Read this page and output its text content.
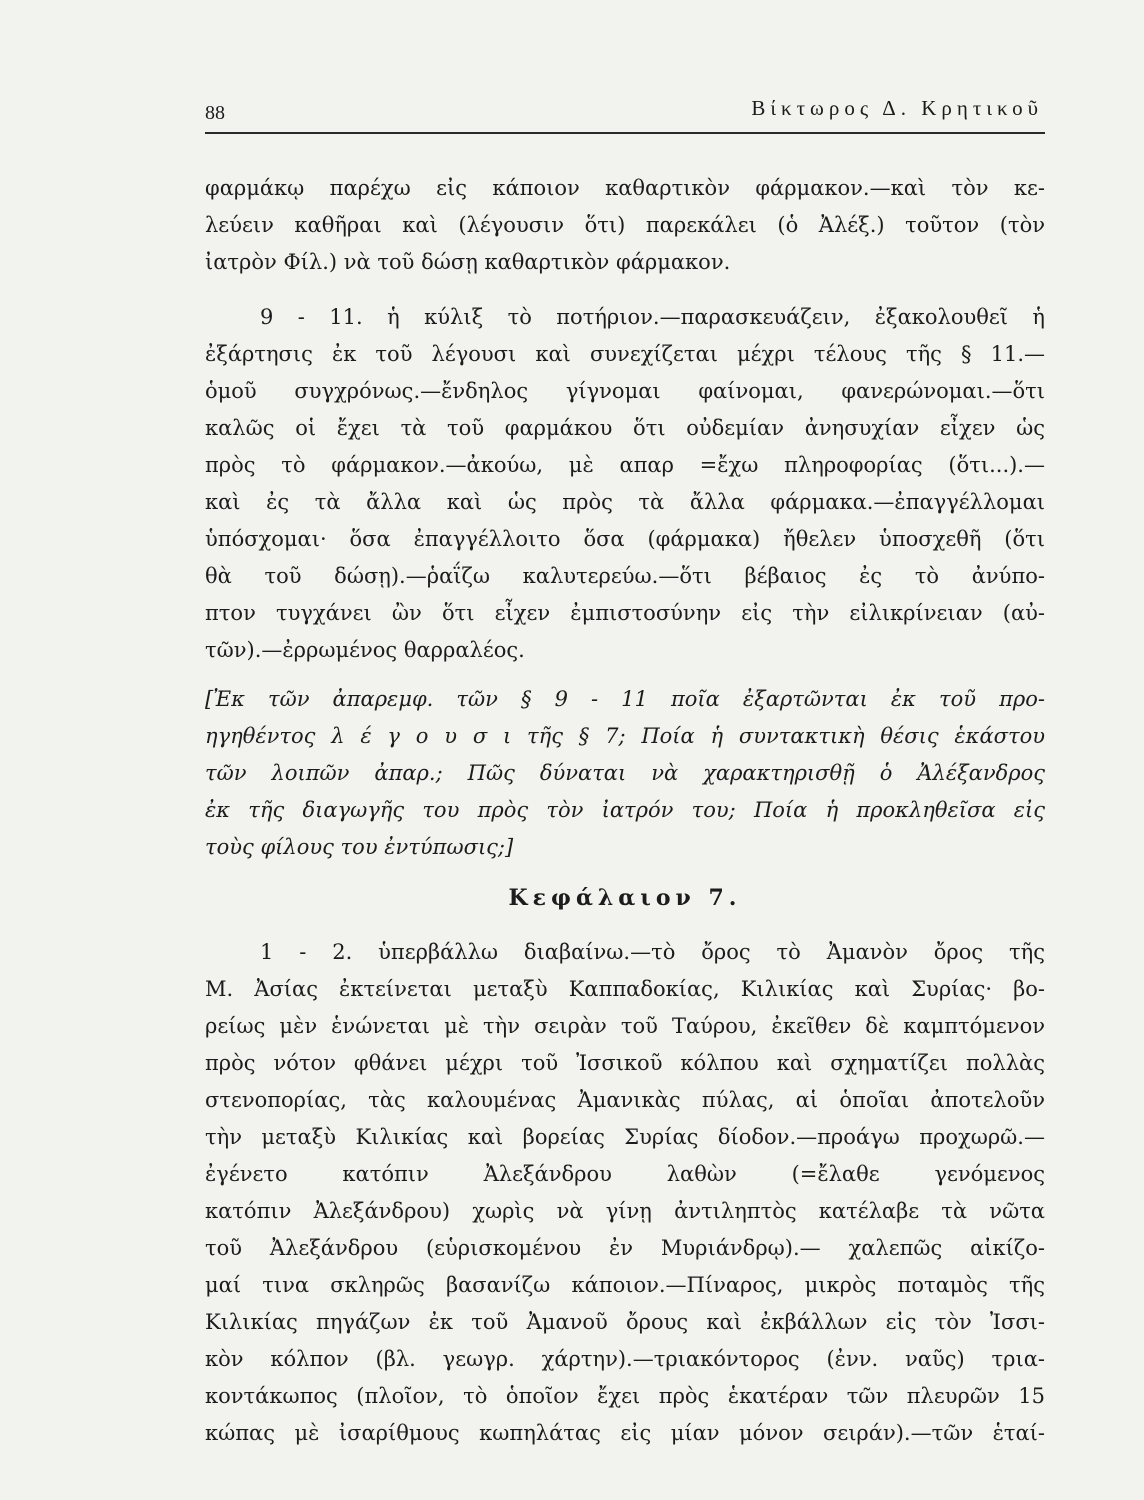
88	Βίκτωρος Δ. Κρητικοῦ
φαρμάκῳ παρέχω εἰς κάποιον καθαρτικὸν φάρμακον.—καὶ τὸν κε-
λεύειν καθῆραι καὶ (λέγουσιν ὅτι) παρεκάλει (ὁ Ἀλέξ.) τοῦτον (τὸν
ἰατρὸν Φίλ.) νὰ τοῦ δώσῃ καθαρτικὸν φάρμακον.
9 - 11. ἡ κύλιξ τὸ ποτήριον.—παρασκευάζειν, ἐξακολουθεῖ ἡ
ἐξάρτησις ἐκ τοῦ λέγουσι καὶ συνεχίζεται μέχρι τέλους τῆς § 11.—
ὁμοῦ συγχρόνως.—ἔνδηλος γίγνομαι φαίνομαι, φανερώνομαι.—ὅτι
καλῶς οἱ ἔχει τὰ τοῦ φαρμάκου ὅτι οὐδεμίαν ἀνησυχίαν εἶχεν ὡς
πρὸς τὸ φάρμακον.—ἀκούω, μὲ απαρ =ἔχω πληροφορίας (ὅτι...).—
καὶ ἐς τὰ ἄλλα καὶ ὡς πρὸς τὰ ἄλλα φάρμακα.—ἐπαγγέλλομαι
ὑπόσχομαι· ὅσα ἐπαγγέλλοιτο ὅσα (φάρμακα) ἤθελεν ὑποσχεθῆ (ὅτι
θὰ τοῦ δώσῃ).—ῥαΐζω καλυτερεύω.—ὅτι βέβαιος ἐς τὸ ἀνύπο-
πτον τυγχάνει ὢν ὅτι εἶχεν ἐμπιστοσύνην εἰς τὴν εἰλικρίνειαν (αὐ-
τῶν).—ἐρρωμένος θαρραλέος.
[Ἐκ τῶν ἀπαρεμφ. τῶν § 9 - 11 ποῖα ἐξαρτῶνται ἐκ τοῦ προ-
ηγηθέντος λ έ γ ο υ σ ι τῆς § 7; Ποία ἡ συντακτικὴ θέσις ἑκάστου
τῶν λοιπῶν ἀπαρ.; Πῶς δύναται νὰ χαρακτηρισθῇ ὁ Ἀλέξανδρος
ἐκ τῆς διαγωγῆς του πρὸς τὸν ἰατρόν του; Ποία ἡ προκληθεῖσα εἰς
τοὺς φίλους του ἐντύπωσις;]
Κεφάλαιον 7.
1 - 2. ὑπερβάλλω διαβαίνω.—τὸ ὄρος τὸ Ἀμανὸν ὄρος τῆς
Μ. Ἀσίας ἐκτείνεται μεταξὺ Καππαδοκίας, Κιλικίας καὶ Συρίας· βο-
ρείως μὲν ἑνώνεται μὲ τὴν σειρὰν τοῦ Ταύρου, ἐκεῖθεν δὲ καμπτόμενον
πρὸς νότον φθάνει μέχρι τοῦ Ἰσσικοῦ κόλπου καὶ σχηματίζει πολλὰς
στενοπορίας, τὰς καλουμένας Ἀμανικὰς πύλας, αἱ ὁποῖαι ἀποτελοῦν
τὴν μεταξὺ Κιλικίας καὶ βορείας Συρίας δίοδον.—προάγω προχωρῶ.—
ἐγένετο κατόπιν Ἀλεξάνδρου λαθὼν (=ἔλαθε γενόμενος
κατόπιν Ἀλεξάνδρου) χωρὶς νὰ γίνῃ ἀντιληπτὸς κατέλαβε τὰ νῶτα
τοῦ Ἀλεξάνδρου (εὑρισκομένου ἐν Μυριάνδρῳ).— χαλεπῶς αἰκίζο-
μαί τινα σκληρῶς βασανίζω κάποιον.—Πίναρος, μικρὸς ποταμὸς τῆς
Κιλικίας πηγάζων ἐκ τοῦ Ἀμανοῦ ὄρους καὶ ἐκβάλλων εἰς τὸν Ἰσσι-
κὸν κόλπον (βλ. γεωγρ. χάρτην).—τριακόντορος (ἐνν. ναῦς) τρια-
κοντάκωπος (πλοῖον, τὸ ὁποῖον ἔχει πρὸς ἑκατέραν τῶν πλευρῶν 15
κώπας μὲ ἰσαρίθμους κωπηλάτας εἰς μίαν μόνον σειράν).—τῶν ἑταί-
